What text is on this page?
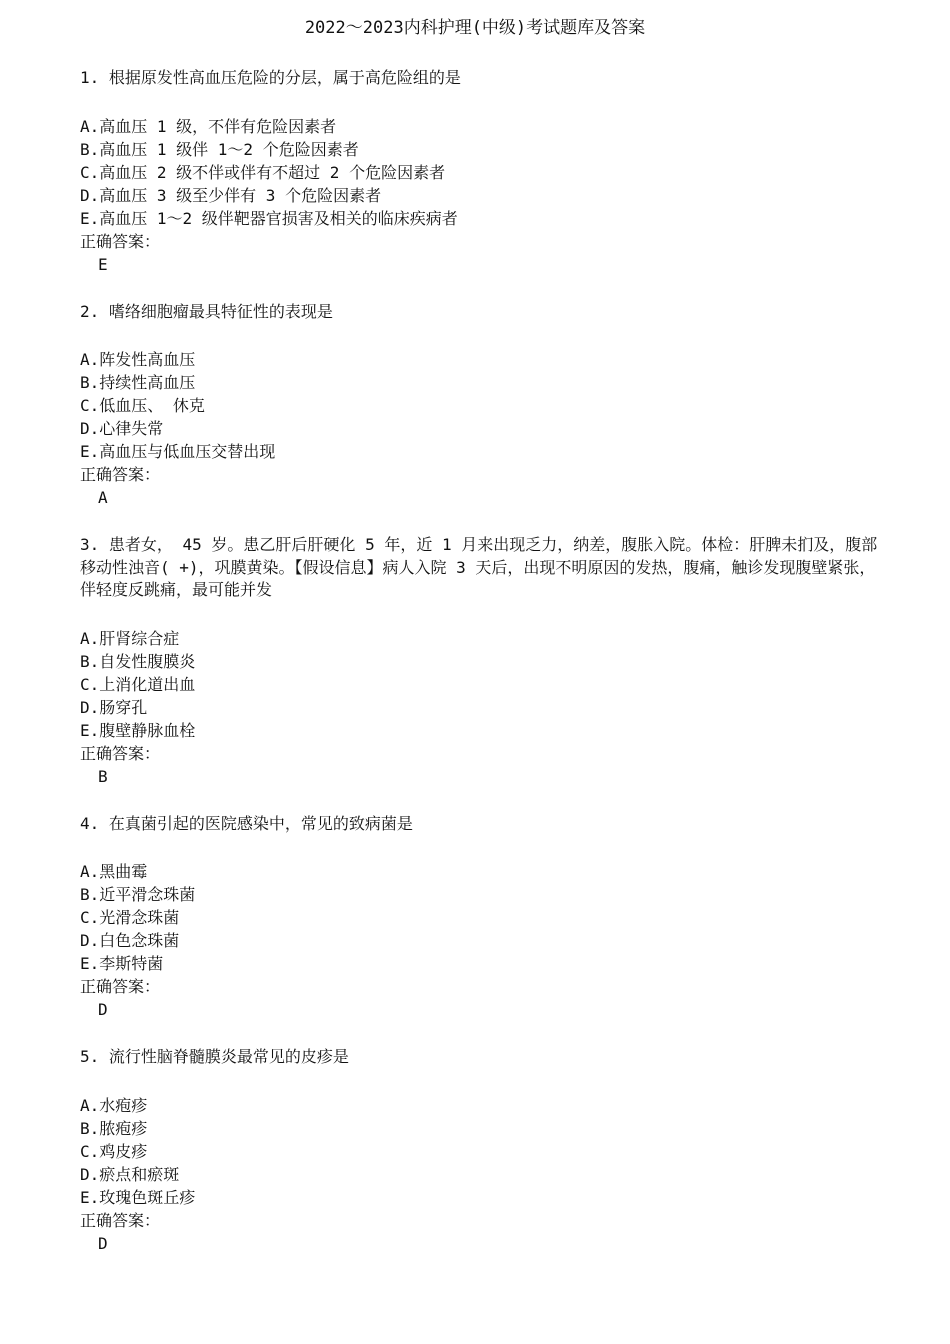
2022～2023内科护理(中级)考试题库及答案
1. 根据原发性高血压危险的分层，属于高危险组的是
A.高血压 1 级，不伴有危险因素者
B.高血压 1 级伴 1～2 个危险因素者
C.高血压 2 级不伴或伴有不超过 2 个危险因素者
D.高血压 3 级至少伴有 3 个危险因素者
E.高血压 1～2 级伴靶器官损害及相关的临床疾病者
正确答案：
E
2. 嗜络细胞瘤最具特征性的表现是
A.阵发性高血压
B.持续性高血压
C.低血压、 休克
D.心律失常
E.高血压与低血压交替出现
正确答案：
A
3. 患者女， 45 岁。患乙肝后肝硬化 5 年，近 1 月来出现乏力，纳差，腹胀入院。体检：肝脾未扪及，腹部移动性浊音( +)，巩膜黄染。【假设信息】病人入院 3 天后，出现不明原因的发热，腹痛，触诊发现腹壁紧张，伴轻度反跳痛，最可能并发
A.肝肾综合症
B.自发性腹膜炎
C.上消化道出血
D.肠穿孔
E.腹壁静脉血栓
正确答案：
B
4. 在真菌引起的医院感染中，常见的致病菌是
A.黑曲霉
B.近平滑念珠菌
C.光滑念珠菌
D.白色念珠菌
E.李斯特菌
正确答案：
D
5. 流行性脑脊髓膜炎最常见的皮疹是
A.水疱疹
B.脓疱疹
C.鸡皮疹
D.瘀点和瘀斑
E.玫瑰色斑丘疹
正确答案：
D
